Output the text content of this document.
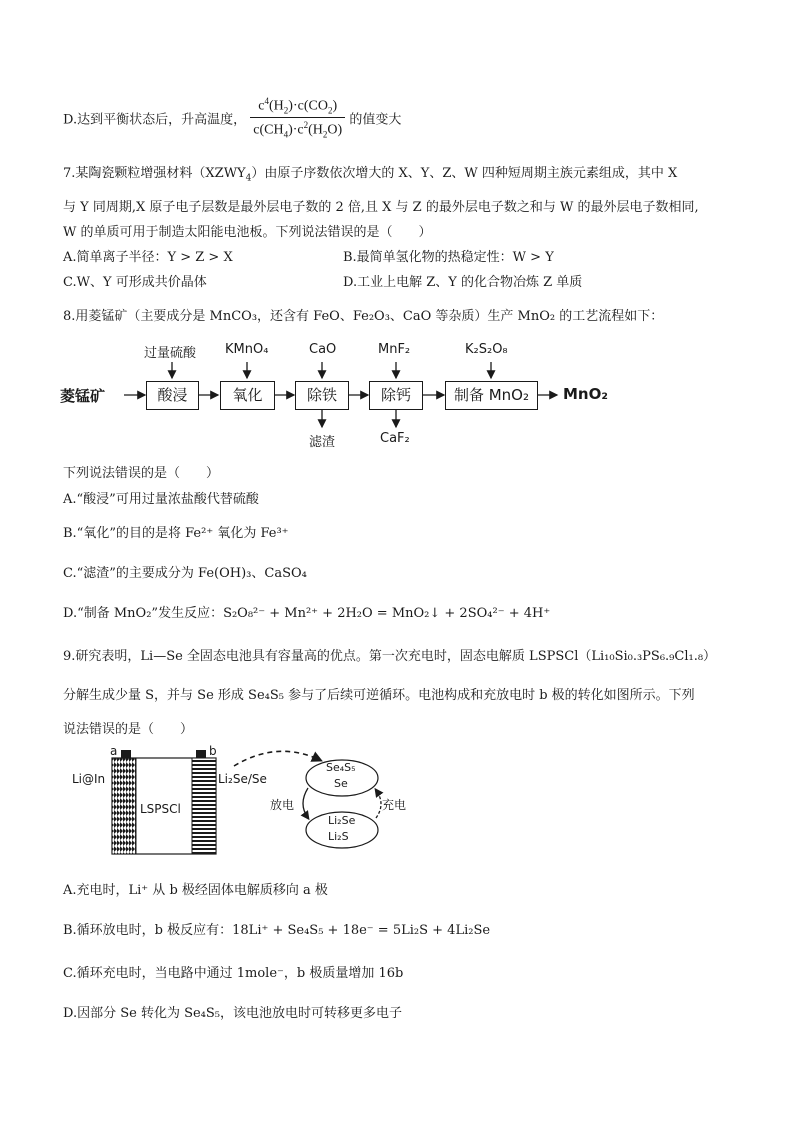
D.达到平衡状态后，升高温度， $\frac{c^4(H_2)\cdot c(CO_2)}{c(CH_4)\cdot c^2(H_2O)}$ 的值变大
7.某陶瓷颗粒增强材料$(XZWY_4)$由原子序数依次增大的 X、Y、Z、W 四种短周期主族元素组成，其中 X
与 Y 同周期,X 原子电子层数是最外层电子数的 2 倍,且 X 与 Z 的最外层电子数之和与 W 的最外层电子数相同,
W 的单质可用于制造太阳能电池板。下列说法错误的是（　　）
A.简单离子半径：Y > Z > X	B.最简单氢化物的热稳定性：W > Y
C.W、Y 可形成共价晶体	D.工业上电解 Z、Y 的化合物冶炼 Z 单质
8.用菱锰矿（主要成分是 MnCO₃，还含有 FeO、Fe₂O₃、CaO 等杂质）生产 MnO₂ 的工艺流程如下：
菱锰矿	MnO₂
酸浸	氧化	除铁	除钙	制备 MnO₂
过量硫酸 KMnO₄	CaO	MnF₂	K₂S₂O₈
滤渣	CaF₂
下列说法错误的是（　　）
A.“酸浸”可用过量浓盐酸代替硫酸
B.“氧化”的目的是将 Fe²⁺ 氧化为 Fe³⁺
C.“滤渣”的主要成分为 Fe(OH)₃、CaSO₄
D.“制备 MnO₂”发生反应：S₂O₈²⁻ + Mn²⁺ + 2H₂O = MnO₂↓ + 2SO₄²⁻ + 4H⁺
9.研究表明，Li—Se 全固态电池具有容量高的优点。第一次充电时，固态电解质 LSPSCl（Li₁₀Si₀.₃PS₆.₉Cl₁.₈）
分解生成少量 S，并与 Se 形成 Se₄S₅ 参与了后续可逆循环。电池构成和充放电时 b 极的转化如图所示。下列
说法错误的是（　　）
a	b
Li@In
LSPSCl
Li₂Se/Se
Se₄S₅
Se
Li₂Se
Li₂S
放电	充电
A.充电时，Li⁺ 从 b 极经固体电解质移向 a 极
B.循环放电时，b 极反应有：18Li⁺ + Se₄S₅ + 18e⁻ = 5Li₂S + 4Li₂Se
C.循环充电时，当电路中通过 1mole⁻，b 极质量增加 16b
D.因部分 Se 转化为 Se₄S₅，该电池放电时可转移更多电子
